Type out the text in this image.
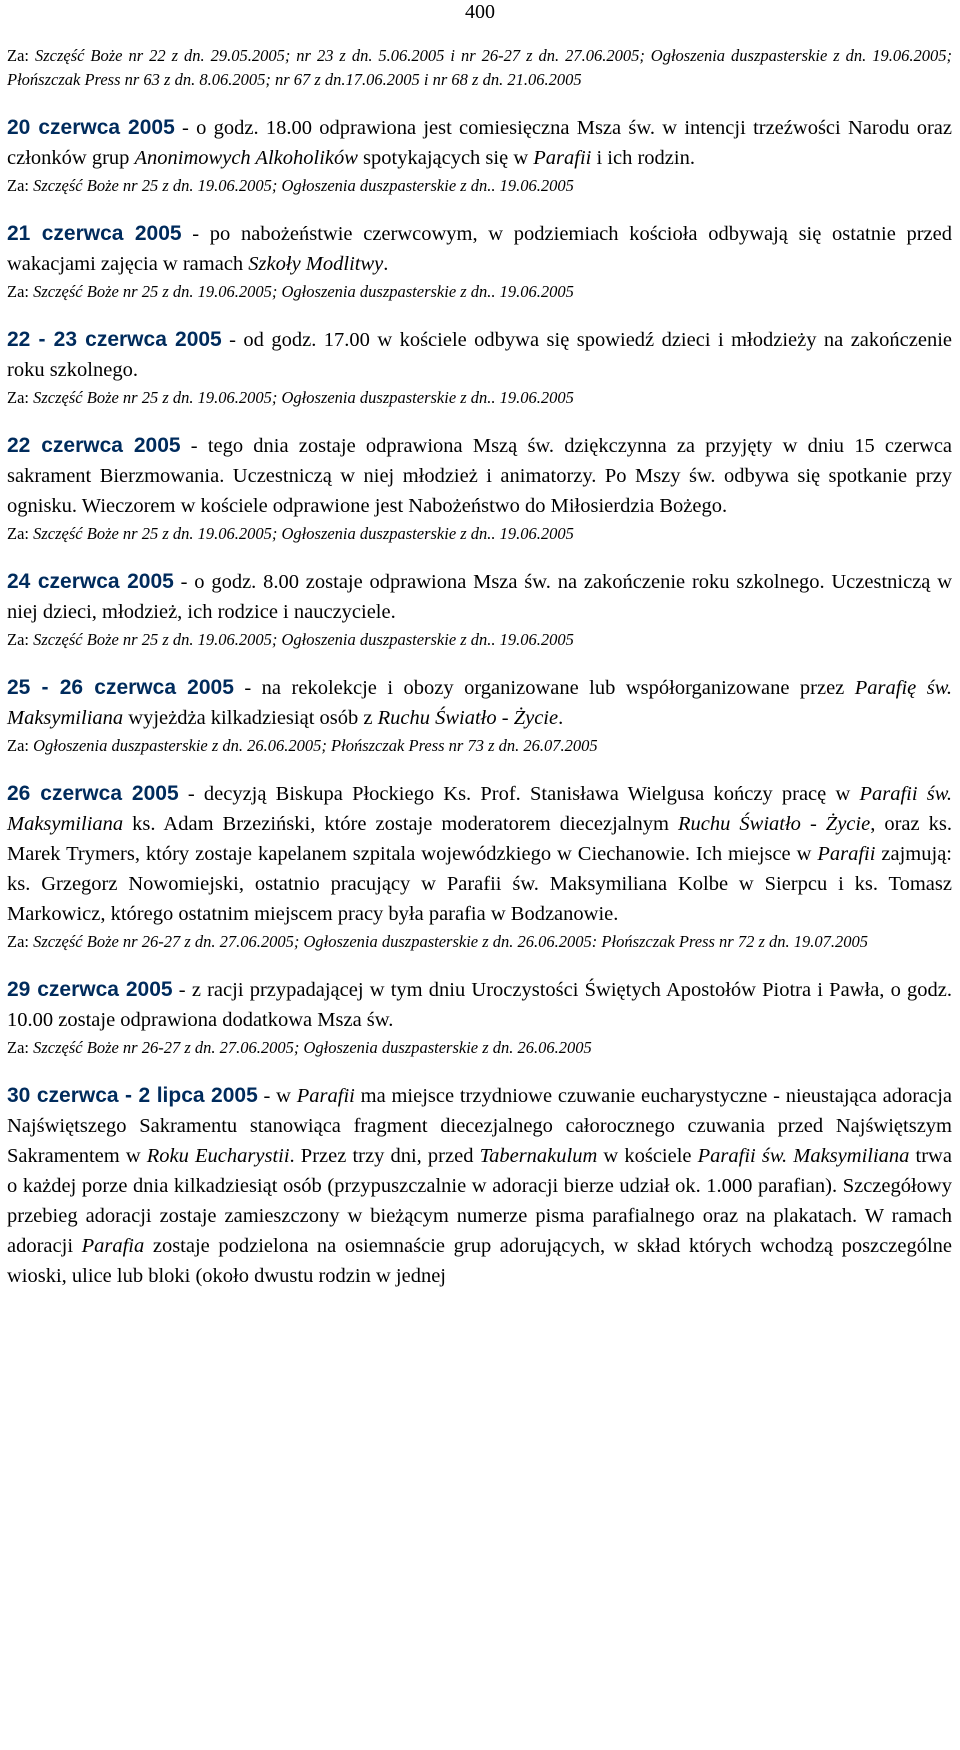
400
Za: Szczęść Boże nr 22 z dn. 29.05.2005; nr 23 z dn. 5.06.2005 i nr 26-27 z dn. 27.06.2005; Ogłoszenia duszpasterskie z dn. 19.06.2005; Płońszczak Press nr 63 z dn. 8.06.2005; nr 67 z dn.17.06.2005 i nr 68 z dn. 21.06.2005
20 czerwca 2005 - o godz. 18.00 odprawiona jest comiesięczna Msza św. w intencji trzeźwości Narodu oraz członków grup Anonimowych Alkoholików spotykających się w Parafii i ich rodzin.
Za: Szczęść Boże nr 25 z dn. 19.06.2005; Ogłoszenia duszpasterskie z dn.. 19.06.2005
21 czerwca 2005 - po nabożeństwie czerwcowym, w podziemiach kościoła odbywają się ostatnie przed wakacjami zajęcia w ramach Szkoły Modlitwy.
Za: Szczęść Boże nr 25 z dn. 19.06.2005; Ogłoszenia duszpasterskie z dn.. 19.06.2005
22 - 23 czerwca 2005 - od godz. 17.00 w kościele odbywa się spowiedź dzieci i młodzieży na zakończenie roku szkolnego.
Za: Szczęść Boże nr 25 z dn. 19.06.2005; Ogłoszenia duszpasterskie z dn.. 19.06.2005
22 czerwca 2005 - tego dnia zostaje odprawiona Mszą św. dziękczynna za przyjęty w dniu 15 czerwca sakrament Bierzmowania. Uczestniczą w niej młodzież i animatorzy. Po Mszy św. odbywa się spotkanie przy ognisku. Wieczorem w kościele odprawione jest Nabożeństwo do Miłosierdzia Bożego.
Za: Szczęść Boże nr 25 z dn. 19.06.2005; Ogłoszenia duszpasterskie z dn.. 19.06.2005
24 czerwca 2005 - o godz. 8.00 zostaje odprawiona Msza św. na zakończenie roku szkolnego. Uczestniczą w niej dzieci, młodzież, ich rodzice i nauczyciele.
Za: Szczęść Boże nr 25 z dn. 19.06.2005; Ogłoszenia duszpasterskie z dn.. 19.06.2005
25 - 26 czerwca 2005 - na rekolekcje i obozy organizowane lub współorganizowane przez Parafię św. Maksymiliana wyjeżdża kilkadziesiąt osób z Ruchu Światło - Życie.
Za: Ogłoszenia duszpasterskie z dn. 26.06.2005; Płońszczak Press nr 73 z dn. 26.07.2005
26 czerwca 2005 - decyzją Biskupa Płockiego Ks. Prof. Stanisława Wielgusa kończy pracę w Parafii św. Maksymiliana ks. Adam Brzeziński, które zostaje moderatorem diecezjalnym Ruchu Światło - Życie, oraz ks. Marek Trymers, który zostaje kapelanem szpitala wojewódzkiego w Ciechanowie. Ich miejsce w Parafii zajmują: ks. Grzegorz Nowomiejski, ostatnio pracujący w Parafii św. Maksymiliana Kolbe w Sierpcu i ks. Tomasz Markowicz, którego ostatnim miejscem pracy była parafia w Bodzanowie.
Za: Szczęść Boże nr 26-27 z dn. 27.06.2005; Ogłoszenia duszpasterskie z dn. 26.06.2005: Płońszczak Press nr 72 z dn. 19.07.2005
29 czerwca 2005 - z racji przypadającej w tym dniu Uroczystości Świętych Apostołów Piotra i Pawła, o godz. 10.00 zostaje odprawiona dodatkowa Msza św.
Za: Szczęść Boże nr 26-27 z dn. 27.06.2005; Ogłoszenia duszpasterskie z dn. 26.06.2005
30 czerwca - 2 lipca 2005 - w Parafii ma miejsce trzydniowe czuwanie eucharystyczne - nieustająca adoracja Najświętszego Sakramentu stanowiąca fragment diecezjalnego całorocznego czuwania przed Najświętszym Sakramentem w Roku Eucharystii. Przez trzy dni, przed Tabernakulum w kościele Parafii św. Maksymiliana trwa o każdej porze dnia kilkadziesiąt osób (przypuszczalnie w adoracji bierze udział ok. 1.000 parafian). Szczegółowy przebieg adoracji zostaje zamieszczony w bieżącym numerze pisma parafialnego oraz na plakatach. W ramach adoracji Parafia zostaje podzielona na osiemnaście grup adorujących, w skład których wchodzą poszczególne wioski, ulice lub bloki (około dwustu rodzin w jednej
